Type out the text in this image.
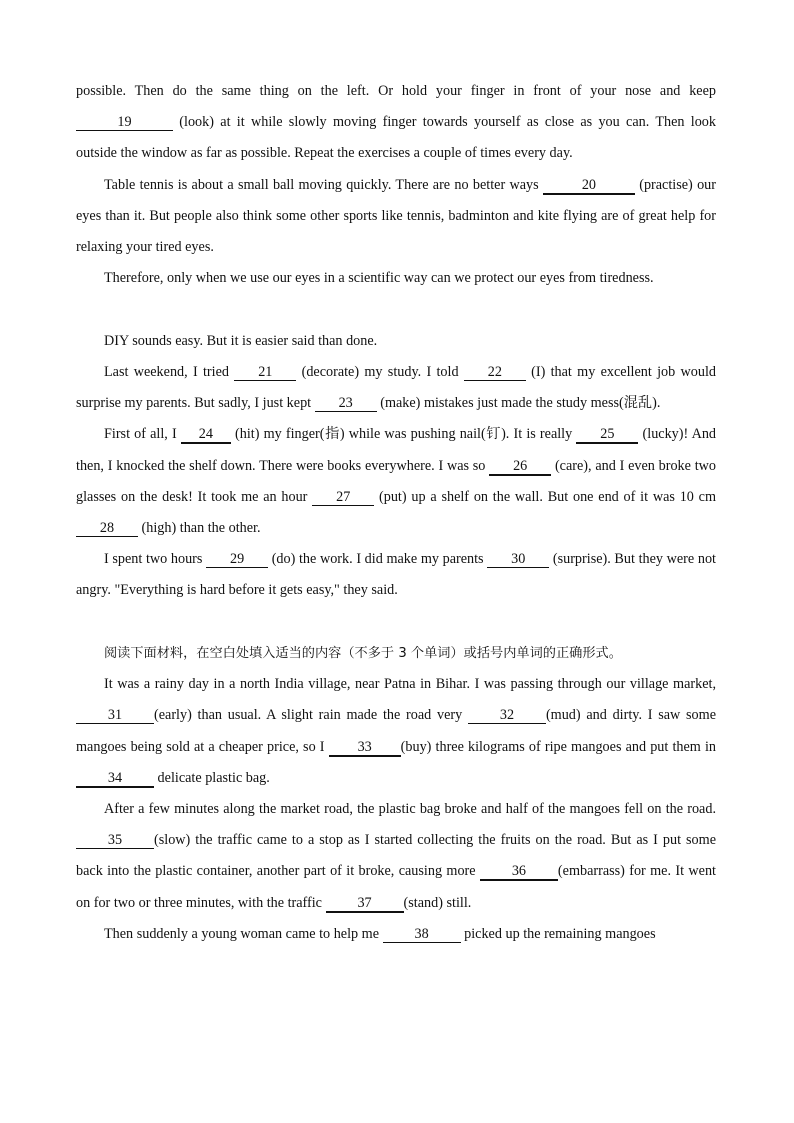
possible. Then do the same thing on the left. Or hold your finger in front of your nose and keep 19	(look) at it while slowly moving finger towards yourself as close as you can. Then look outside the window as far as possible. Repeat the exercises a couple of times every day.

Table tennis is about a small ball moving quickly. There are no better ways	20	(practise) our eyes than it. But people also think some other sports like tennis, badminton and kite flying are of great help for relaxing your tired eyes.

Therefore, only when we use our eyes in a scientific way can we protect our eyes from tiredness.

DIY sounds easy. But it is easier said than done.

Last weekend, I tried 21 (decorate) my study. I told 22 (I) that my excellent job would surprise my parents. But sadly, I just kept 23 (make) mistakes just made the study mess(混乱).

First of all, I 24 (hit) my finger(指) while was pushing nail(钉). It is really 25 (lucky)! And then, I knocked the shelf down. There were books everywhere. I was so 26 (care), and I even broke two glasses on the desk! It took me an hour 27 (put) up a shelf on the wall. But one end of it was 10 cm 28 (high) than the other.

I spent two hours 29 (do) the work. I did make my parents 30 (surprise). But they were not angry. "Everything is hard before it gets easy," they said.

阅读下面材料，在空白处填入适当的内容（不多于 3 个单词）或括号内单词的正确形式。

It was a rainy day in a north India village, near Patna in Bihar. I was passing through our village market, 31 (early) than usual. A slight rain made the road very 32 (mud) and dirty. I saw some mangoes being sold at a cheaper price, so I 33 (buy) three kilograms of ripe mangoes and put them in 34 delicate plastic bag.

After a few minutes along the market road, the plastic bag broke and half of the mangoes fell on the road. 35 (slow) the traffic came to a stop as I started collecting the fruits on the road. But as I put some back into the plastic container, another part of it broke, causing more 36 (embarrass) for me. It went on for two or three minutes, with the traffic 37 (stand) still.

Then suddenly a young woman came to help me 38 picked up the remaining mangoes
